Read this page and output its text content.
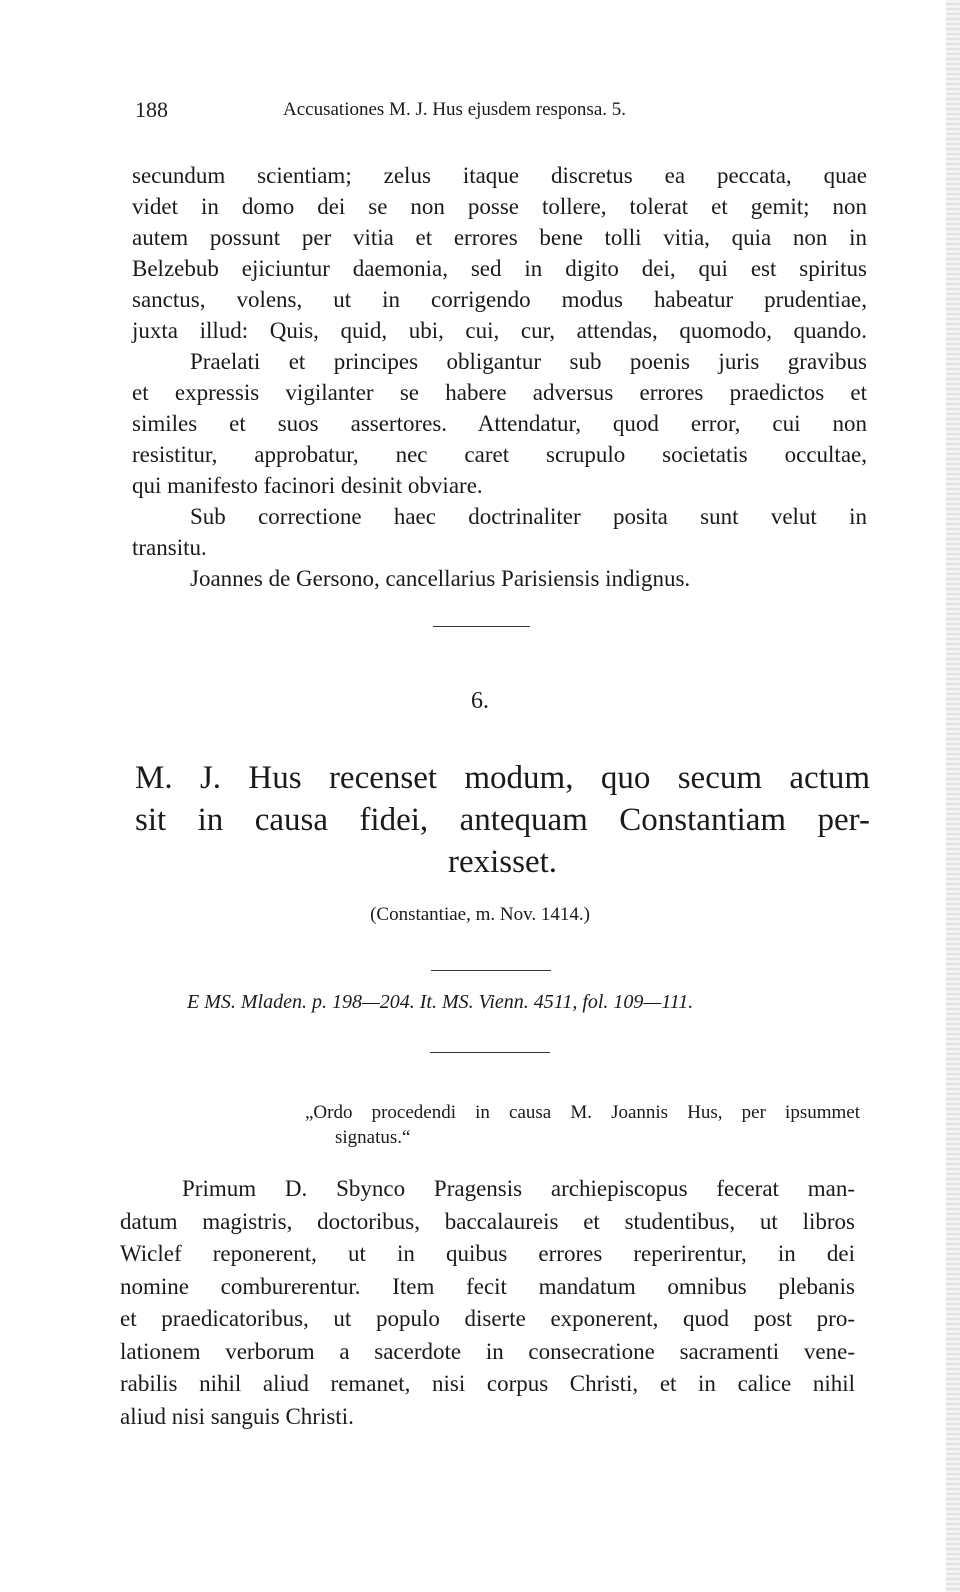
188	Accusationes M. J. Hus ejusdem responsa. 5.
secundum scientiam; zelus itaque discretus ea peccata, quae
videt in domo dei se non posse tollere, tolerat et gemit; non
autem possunt per vitia et errores bene tolli vitia, quia non in
Belzebub ejiciuntur daemonia, sed in digito dei, qui est spiritus
sanctus, volens, ut in corrigendo modus habeatur prudentiae,
juxta illud: Quis, quid, ubi, cui, cur, attendas, quomodo, quando.
Praelati et principes obligantur sub poenis juris gravibus
et expressis vigilanter se habere adversus errores praedictos et
similes et suos assertores. Attendatur, quod error, cui non
resistitur, approbatur, nec caret scrupulo societatis occultae,
qui manifesto facinori desinit obviare.
Sub correctione haec doctrinaliter posita sunt velut in
transitu.
Joannes de Gersono, cancellarius Parisiensis indignus.
6.
M. J. Hus recenset modum, quo secum actum
sit in causa fidei, antequam Constantiam per-
rexisset.
(Constantiae, m. Nov. 1414.)
E MS. Mladen. p. 198—204. It. MS. Vienn. 4511, fol. 109—111.
„Ordo procedendi in causa M. Joannis Hus, per ipsummet
signatus.“
Primum D. Sbynco Pragensis archiepiscopus fecerat man-
datum magistris, doctoribus, baccalaureis et studentibus, ut libros
Wiclef reponerent, ut in quibus errores reperirentur, in dei
nomine comburerentur. Item fecit mandatum omnibus plebanis
et praedicatoribus, ut populo diserte exponerent, quod post pro-
lationem verborum a sacerdote in consecratione sacramenti vene-
rabilis nihil aliud remanet, nisi corpus Christi, et in calice nihil
aliud nisi sanguis Christi.
